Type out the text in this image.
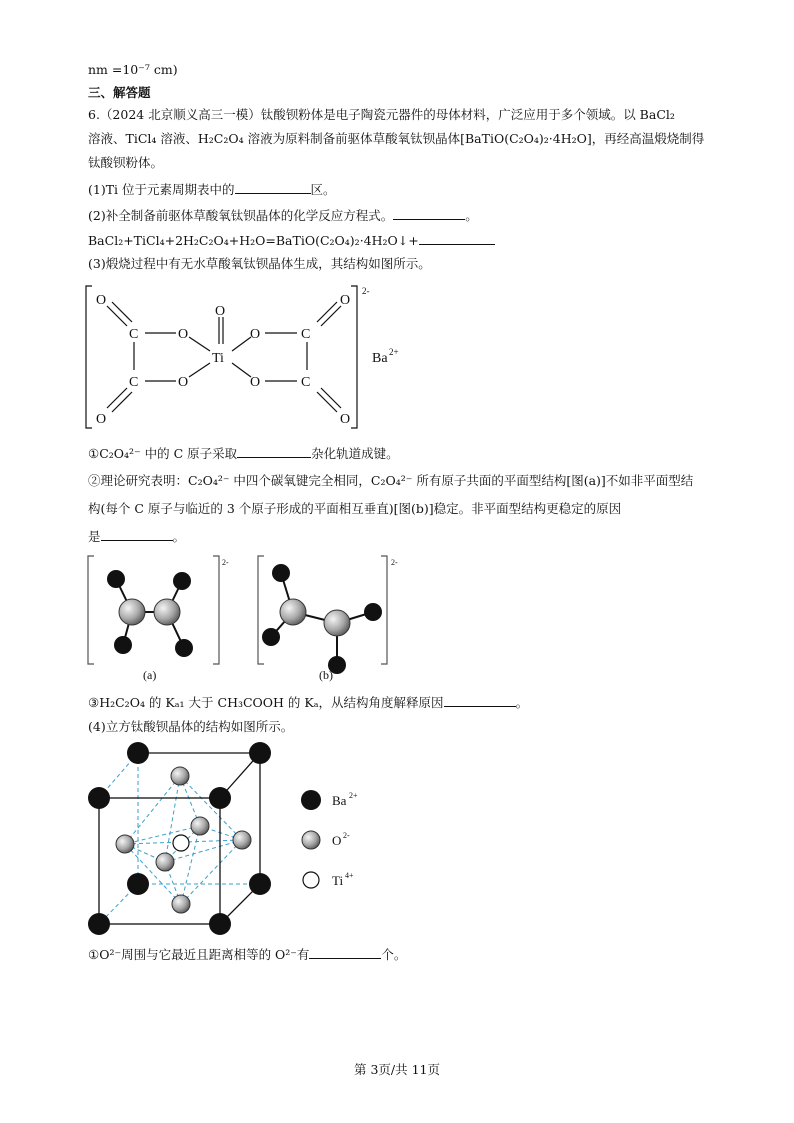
nm =10⁻⁷ cm)
三、解答题
6.（2024 北京顺义高三一模）钛酸钡粉体是电子陶瓷元器件的母体材料，广泛应用于多个领域。以 BaCl₂
溶液、TiCl₄ 溶液、H₂C₂O₄ 溶液为原料制备前驱体草酸氧钛钡晶体[BaTiO(C₂O₄)₂·4H₂O]，再经高温煅烧制得
钛酸钡粉体。
(1)Ti 位于元素周期表中的	区。
(2)补全制备前驱体草酸氧钛钡晶体的化学反应方程式。	。
BaCl₂+TiCl₄+2H₂C₂O₄+H₂O=BaTiO(C₂O₄)₂·4H₂O↓+
(3)煅烧过程中有无水草酸氧钛钡晶体生成，其结构如图所示。
O
O
C
C
O
O
O
Ti
O
O
C
C
O
O
2-
Ba 2+
①C₂O₄²⁻ 中的 C 原子采取	杂化轨道成键。
②理论研究表明：C₂O₄²⁻ 中四个碳氧键完全相同，C₂O₄²⁻ 所有原子共面的平面型结构[图(a)]不如非平面型结
构(每个 C 原子与临近的 3 个原子形成的平面相互垂直)[图(b)]稳定。非平面型结构更稳定的原因
是	。
2-	2-
(a)	(b)
③H₂C₂O₄ 的 Kₐ₁ 大于 CH₃COOH 的 Kₐ，从结构角度解释原因	。
(4)立方钛酸钡晶体的结构如图所示。
Ba 2+
O 2-
Ti 4+
①O²⁻周围与它最近且距离相等的 O²⁻有	个。
第 3页/共 11页
